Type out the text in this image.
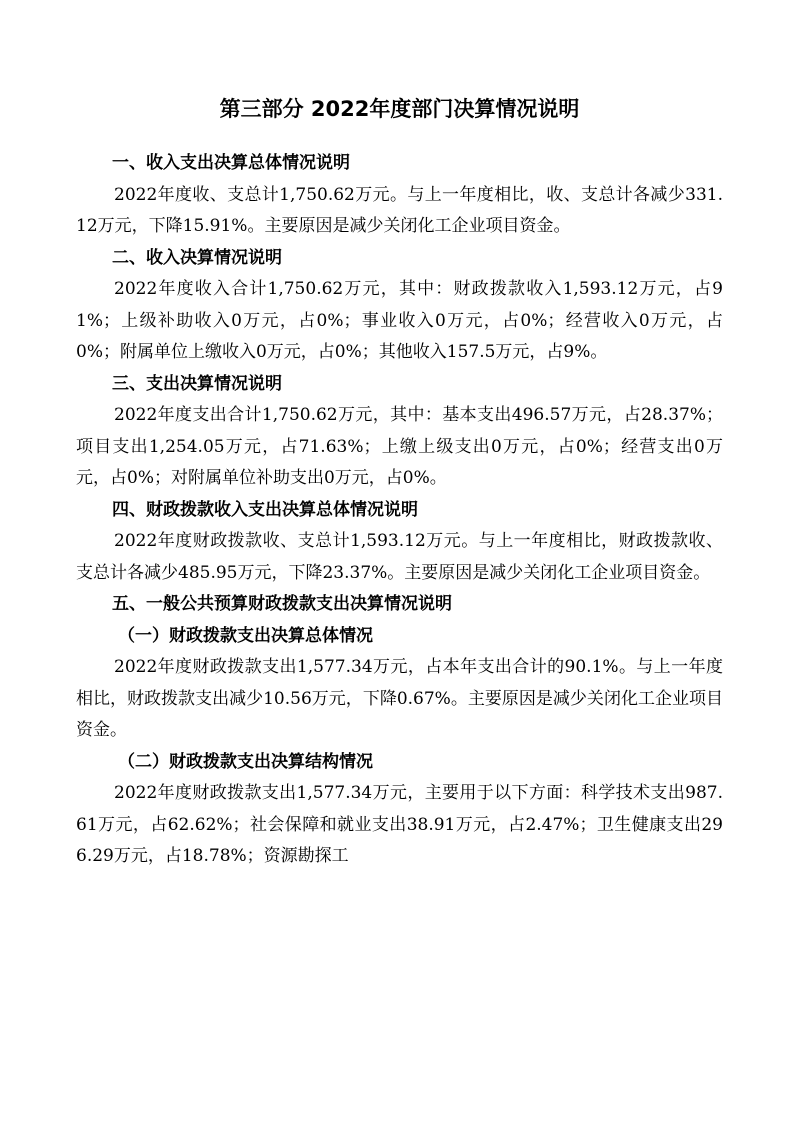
第三部分 2022年度部门决算情况说明
一、收入支出决算总体情况说明

2022年度收、支总计1,750.62万元。与上一年度相比，收、支总计各减少331.12万元，下降15.91%。主要原因是减少关闭化工企业项目资金。

二、收入决算情况说明

2022年度收入合计1,750.62万元，其中：财政拨款收入1,593.12万元，占91%；上级补助收入0万元，占0%；事业收入0万元，占0%；经营收入0万元，占0%；附属单位上缴收入0万元，占0%；其他收入157.5万元，占9%。

三、支出决算情况说明

2022年度支出合计1,750.62万元，其中：基本支出496.57万元，占28.37%；项目支出1,254.05万元，占71.63%；上缴上级支出0万元，占0%；经营支出0万元，占0%；对附属单位补助支出0万元，占0%。

四、财政拨款收入支出决算总体情况说明

2022年度财政拨款收、支总计1,593.12万元。与上一年度相比，财政拨款收、支总计各减少485.95万元，下降23.37%。主要原因是减少关闭化工企业项目资金。

五、一般公共预算财政拨款支出决算情况说明
（一）财政拨款支出决算总体情况

2022年度财政拨款支出1,577.34万元，占本年支出合计的90.1%。与上一年度相比，财政拨款支出减少10.56万元，下降0.67%。主要原因是减少关闭化工企业项目资金。

（二）财政拨款支出决算结构情况

2022年度财政拨款支出1,577.34万元，主要用于以下方面：科学技术支出987.61万元，占62.62%；社会保障和就业支出38.91万元，占2.47%；卫生健康支出296.29万元，占18.78%；资源勘探工
